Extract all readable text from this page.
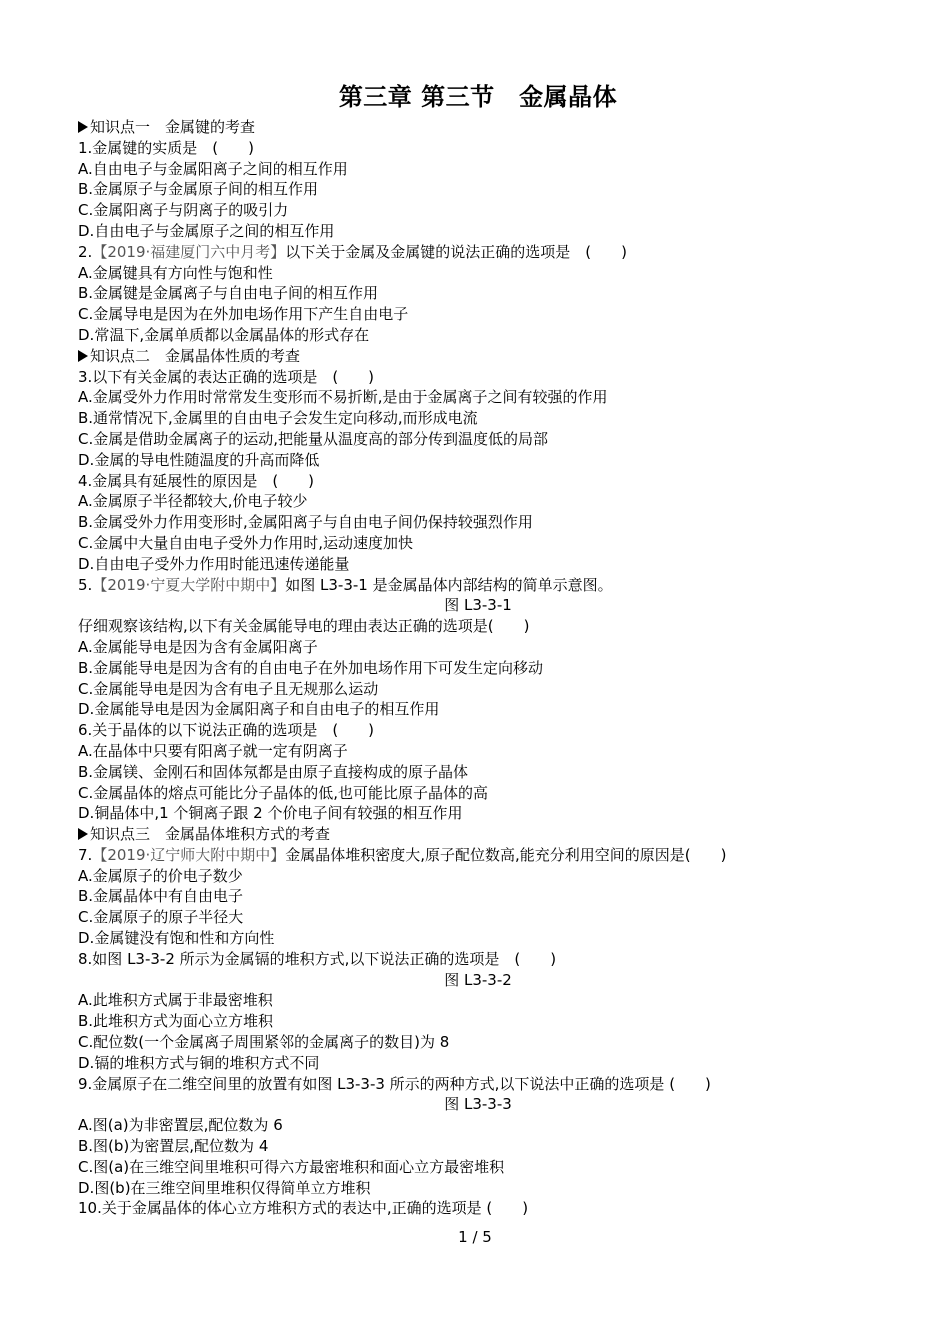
第三章 第三节　金属晶体
知识点一　金属键的考查
1.金属键的实质是　(　　)
A.自由电子与金属阳离子之间的相互作用
B.金属原子与金属原子间的相互作用
C.金属阳离子与阴离子的吸引力
D.自由电子与金属原子之间的相互作用
2.【2019·福建厦门六中月考】以下关于金属及金属键的说法正确的选项是　(　　)
A.金属键具有方向性与饱和性
B.金属键是金属离子与自由电子间的相互作用
C.金属导电是因为在外加电场作用下产生自由电子
D.常温下,金属单质都以金属晶体的形式存在
知识点二　金属晶体性质的考查
3.以下有关金属的表达正确的选项是　(　　)
A.金属受外力作用时常常发生变形而不易折断,是由于金属离子之间有较强的作用
B.通常情况下,金属里的自由电子会发生定向移动,而形成电流
C.金属是借助金属离子的运动,把能量从温度高的部分传到温度低的局部
D.金属的导电性随温度的升高而降低
4.金属具有延展性的原因是　(　　)
A.金属原子半径都较大,价电子较少
B.金属受外力作用变形时,金属阳离子与自由电子间仍保持较强烈作用
C.金属中大量自由电子受外力作用时,运动速度加快
D.自由电子受外力作用时能迅速传递能量
5.【2019·宁夏大学附中期中】如图 L3-3-1 是金属晶体内部结构的简单示意图。
图 L3-3-1
仔细观察该结构,以下有关金属能导电的理由表达正确的选项是(　　)
A.金属能导电是因为含有金属阳离子
B.金属能导电是因为含有的自由电子在外加电场作用下可发生定向移动
C.金属能导电是因为含有电子且无规那么运动
D.金属能导电是因为金属阳离子和自由电子的相互作用
6.关于晶体的以下说法正确的选项是　(　　)
A.在晶体中只要有阳离子就一定有阴离子
B.金属镁、金刚石和固体氖都是由原子直接构成的原子晶体
C.金属晶体的熔点可能比分子晶体的低,也可能比原子晶体的高
D.铜晶体中,1 个铜离子跟 2 个价电子间有较强的相互作用
知识点三　金属晶体堆积方式的考查
7.【2019·辽宁师大附中期中】金属晶体堆积密度大,原子配位数高,能充分利用空间的原因是(　　)
A.金属原子的价电子数少
B.金属晶体中有自由电子
C.金属原子的原子半径大
D.金属键没有饱和性和方向性
8.如图 L3-3-2 所示为金属镉的堆积方式,以下说法正确的选项是　(　　)
图 L3-3-2
A.此堆积方式属于非最密堆积
B.此堆积方式为面心立方堆积
C.配位数(一个金属离子周围紧邻的金属离子的数目)为 8
D.镉的堆积方式与铜的堆积方式不同
9.金属原子在二维空间里的放置有如图 L3-3-3 所示的两种方式,以下说法中正确的选项是 (　　)
图 L3-3-3
A.图(a)为非密置层,配位数为 6
B.图(b)为密置层,配位数为 4
C.图(a)在三维空间里堆积可得六方最密堆积和面心立方最密堆积
D.图(b)在三维空间里堆积仅得简单立方堆积
10.关于金属晶体的体心立方堆积方式的表达中,正确的选项是 (　　)
1 / 5
